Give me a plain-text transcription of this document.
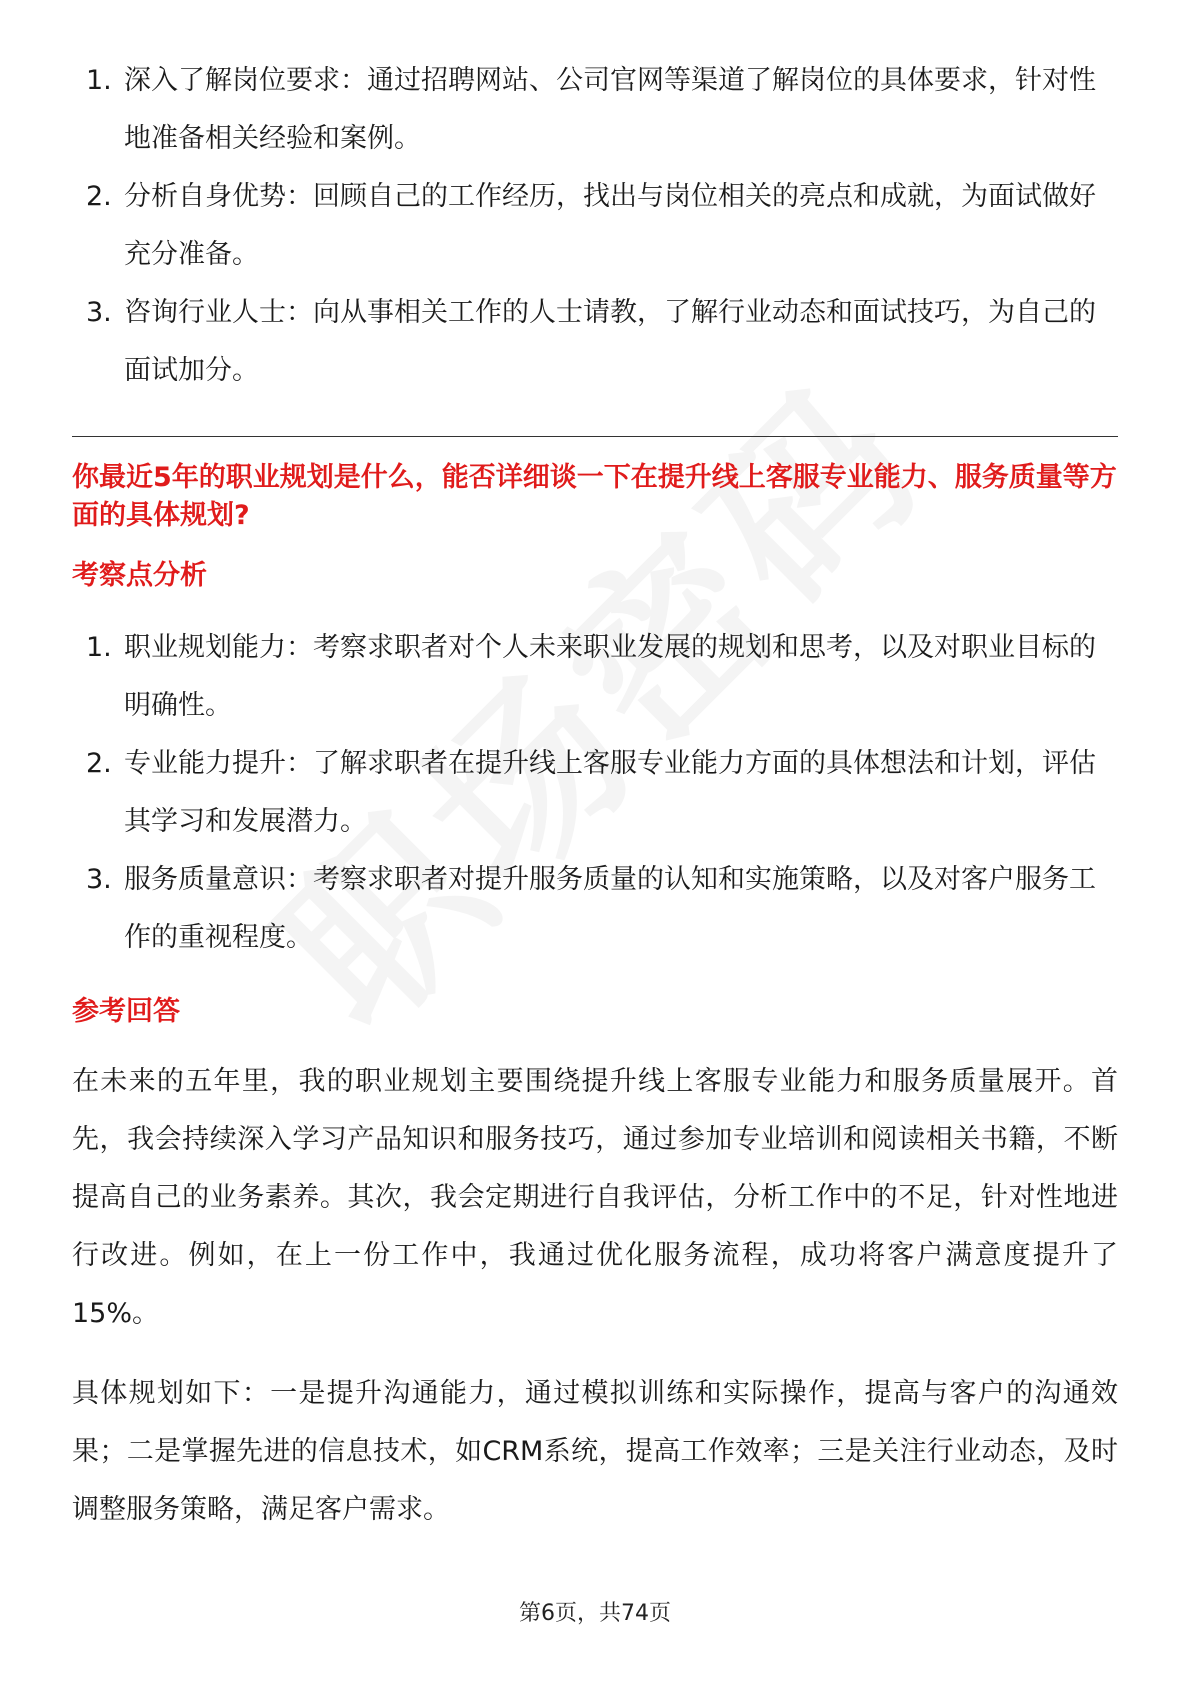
1. 深入了解岗位要求：通过招聘网站、公司官网等渠道了解岗位的具体要求，针对性地准备相关经验和案例。
2. 分析自身优势：回顾自己的工作经历，找出与岗位相关的亮点和成就，为面试做好充分准备。
3. 咨询行业人士：向从事相关工作的人士请教，了解行业动态和面试技巧，为自己的面试加分。

你最近5年的职业规划是什么，能否详细谈一下在提升线上客服专业能力、服务质量等方面的具体规划?

考察点分析
1. 职业规划能力：考察求职者对个人未来职业发展的规划和思考，以及对职业目标的明确性。
2. 专业能力提升：了解求职者在提升线上客服专业能力方面的具体想法和计划，评估其学习和发展潜力。
3. 服务质量意识：考察求职者对提升服务质量的认知和实施策略，以及对客户服务工作的重视程度。
参考回答

在未来的五年里，我的职业规划主要围绕提升线上客服专业能力和服务质量展开。首先，我会持续深入学习产品知识和服务技巧，通过参加专业培训和阅读相关书籍，不断提高自己的业务素养。其次，我会定期进行自我评估，分析工作中的不足，针对性地进行改进。例如，在上一份工作中，我通过优化服务流程，成功将客户满意度提升了15%。

具体规划如下：一是提升沟通能力，通过模拟训练和实际操作，提高与客户的沟通效果；二是掌握先进的信息技术，如CRM系统，提高工作效率；三是关注行业动态，及时调整服务策略，满足客户需求。

第6页，共74页
